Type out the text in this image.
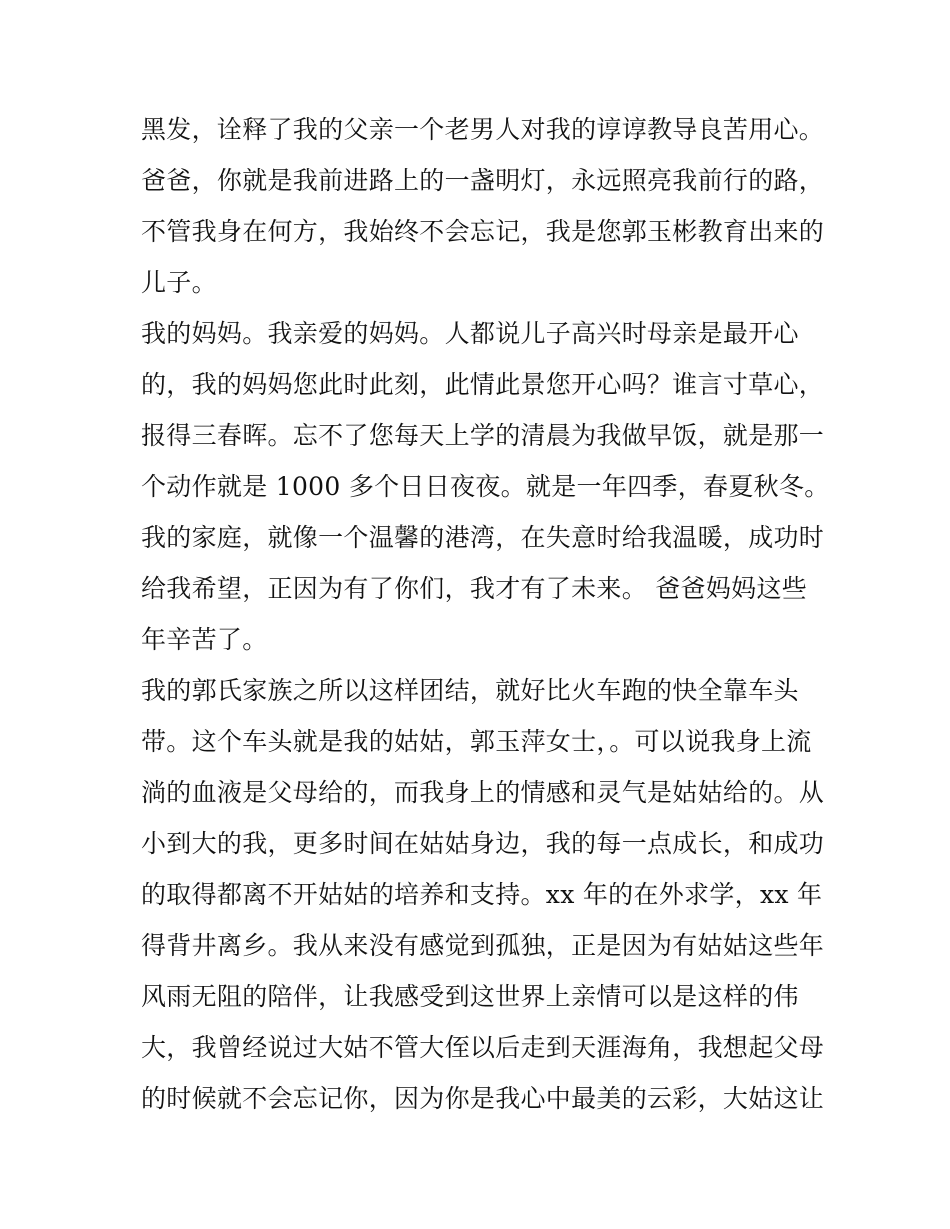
黑发，诠释了我的父亲一个老男人对我的谆谆教导良苦用心。
爸爸，你就是我前进路上的一盏明灯，永远照亮我前行的路，
不管我身在何方，我始终不会忘记，我是您郭玉彬教育出来的
儿子。
我的妈妈。我亲爱的妈妈。人都说儿子高兴时母亲是最开心
的，我的妈妈您此时此刻，此情此景您开心吗？谁言寸草心，
报得三春晖。忘不了您每天上学的清晨为我做早饭，就是那一
个动作就是 1000 多个日日夜夜。就是一年四季，春夏秋冬。
我的家庭，就像一个温馨的港湾，在失意时给我温暖，成功时
给我希望，正因为有了你们，我才有了未来。 爸爸妈妈这些
年辛苦了。
我的郭氏家族之所以这样团结，就好比火车跑的快全靠车头
带。这个车头就是我的姑姑，郭玉萍女士，。可以说我身上流
淌的血液是父母给的，而我身上的情感和灵气是姑姑给的。从
小到大的我，更多时间在姑姑身边，我的每一点成长，和成功
的取得都离不开姑姑的培养和支持。xx 年的在外求学，xx 年
得背井离乡。我从来没有感觉到孤独，正是因为有姑姑这些年
风雨无阻的陪伴，让我感受到这世界上亲情可以是这样的伟
大，我曾经说过大姑不管大侄以后走到天涯海角，我想起父母
的时候就不会忘记你，因为你是我心中最美的云彩，大姑这让
